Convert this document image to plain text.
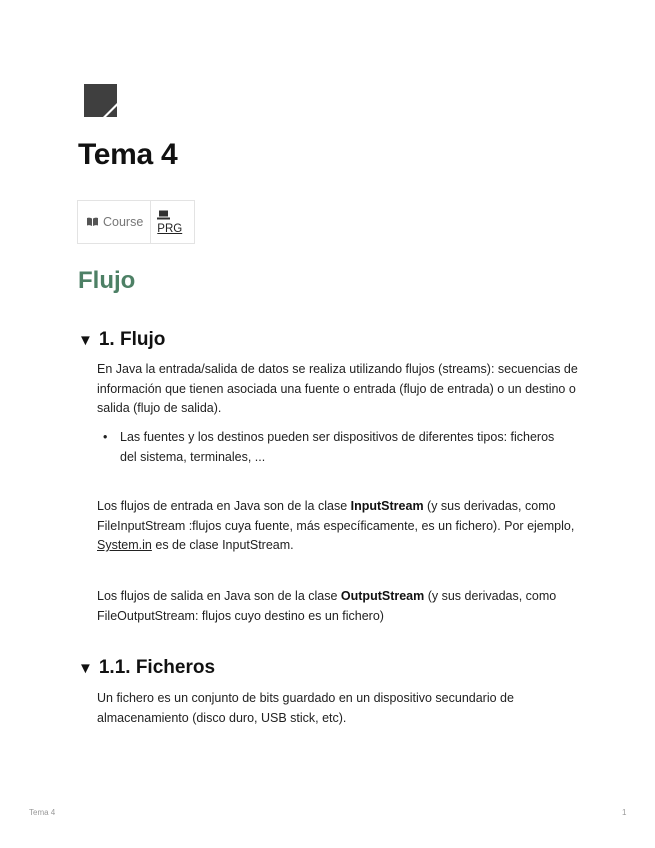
Tema 4
Course PRG
Flujo
▼ 1. Flujo

En Java la entrada/salida de datos se realiza utilizando flujos (streams): secuencias de información que tienen asociada una fuente o entrada (flujo de entrada) o un destino o salida (flujo de salida).

•	Las fuentes y los destinos pueden ser dispositivos de diferentes tipos: ficheros del sistema, terminales, ...

Los flujos de entrada en Java son de la clase InputStream (y sus derivadas, como FileInputStream :flujos cuya fuente, más específicamente, es un fichero). Por ejemplo, System.in es de clase InputStream.

Los flujos de salida en Java son de la clase OutputStream (y sus derivadas, como FileOutputStream: flujos cuyo destino es un fichero)

▼ 1.1. Ficheros

Un fichero es un conjunto de bits guardado en un dispositivo secundario de almacenamiento (disco duro, USB stick, etc).

Tema 4	1
